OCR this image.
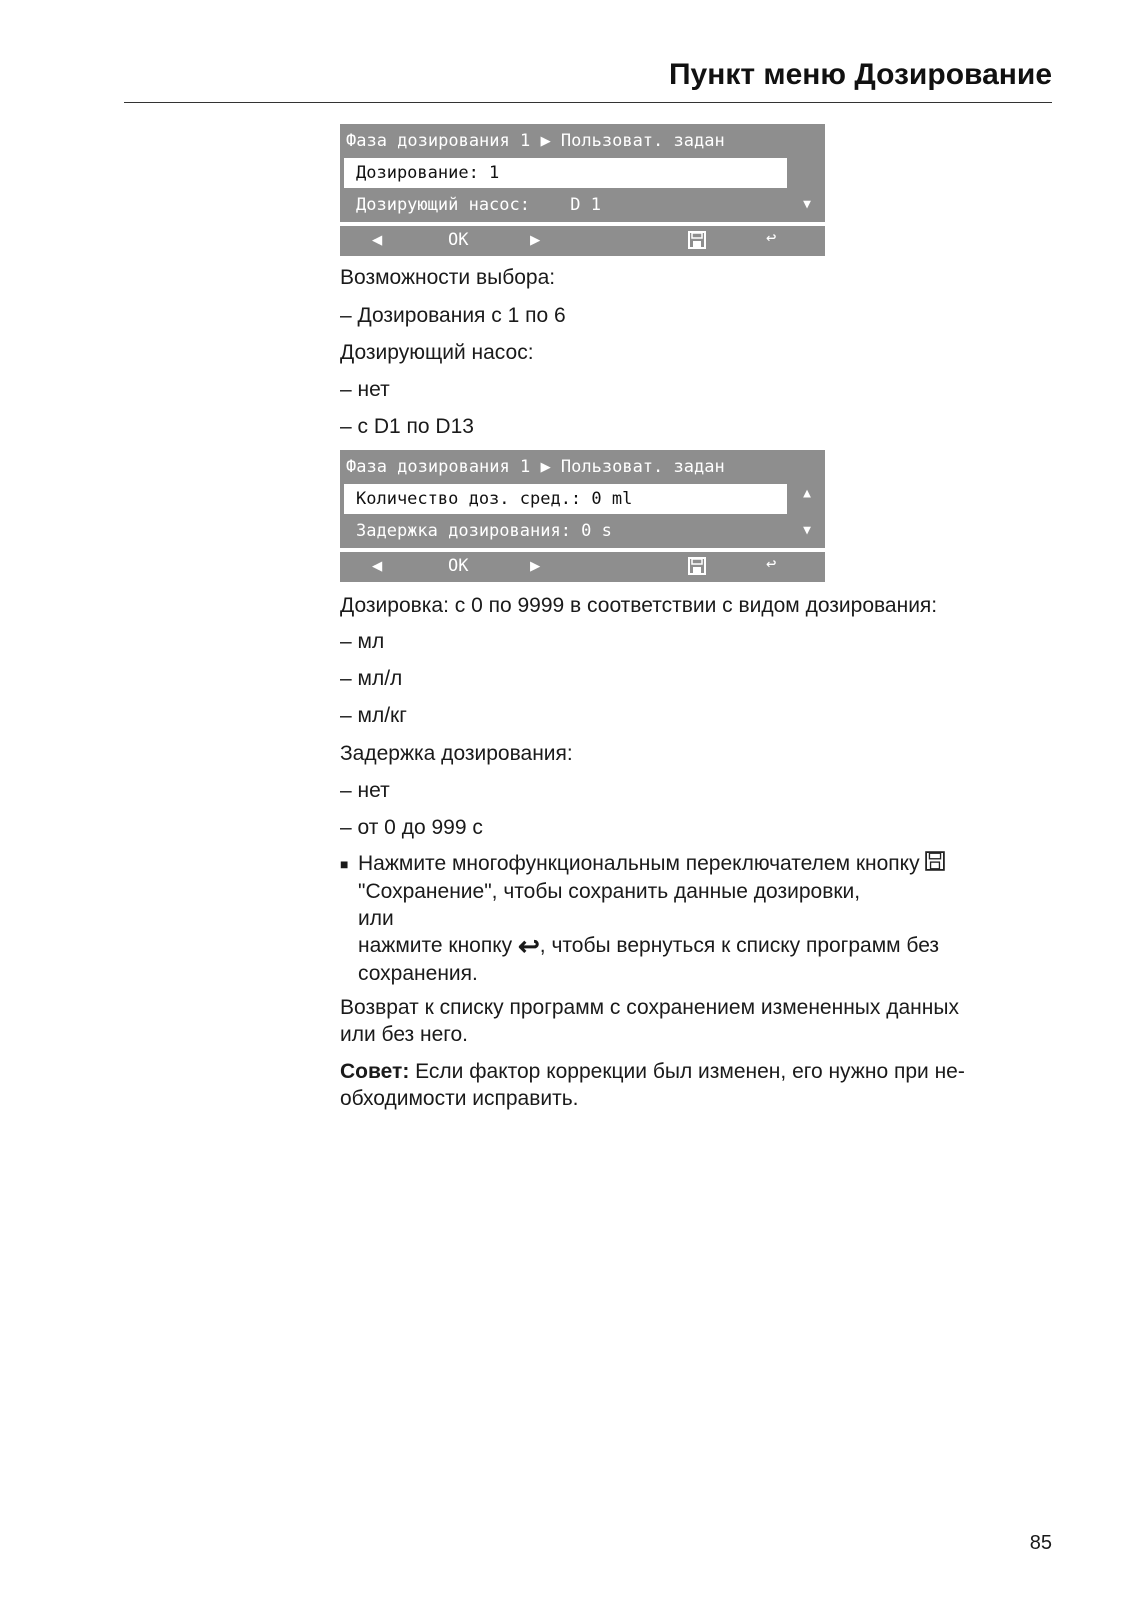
Пункт меню Дозирование
Фаза дозирования 1 ▶ Пользоват. задан
Дозирование: 1
Дозирующий насос: D 1	▼
◀	OK	▶	↩
Возможности выбора:
– Дозирования с 1 по 6
Дозирующий насос:
– нет
– с D1 по D13
Фаза дозирования 1 ▶ Пользоват. задан
Количество доз. сред.: 0 ml	▲
Задержка дозирования: 0 s	▼
◀	OK	▶	↩
Дозировка: с 0 по 9999 в соответствии с видом дозирования:
– мл
– мл/л
– мл/кг
Задержка дозирования:
– нет
– от 0 до 999 с
■ Нажмите многофункциональным переключателем кнопку
"Сохранение", чтобы сохранить данные дозировки,
или
нажмите кнопку ↩, чтобы вернуться к списку программ без
сохранения.
Возврат к списку программ с сохранением измененных данных
или без него.
Совет: Если фактор коррекции был изменен, его нужно при не-
обходимости исправить.
85
